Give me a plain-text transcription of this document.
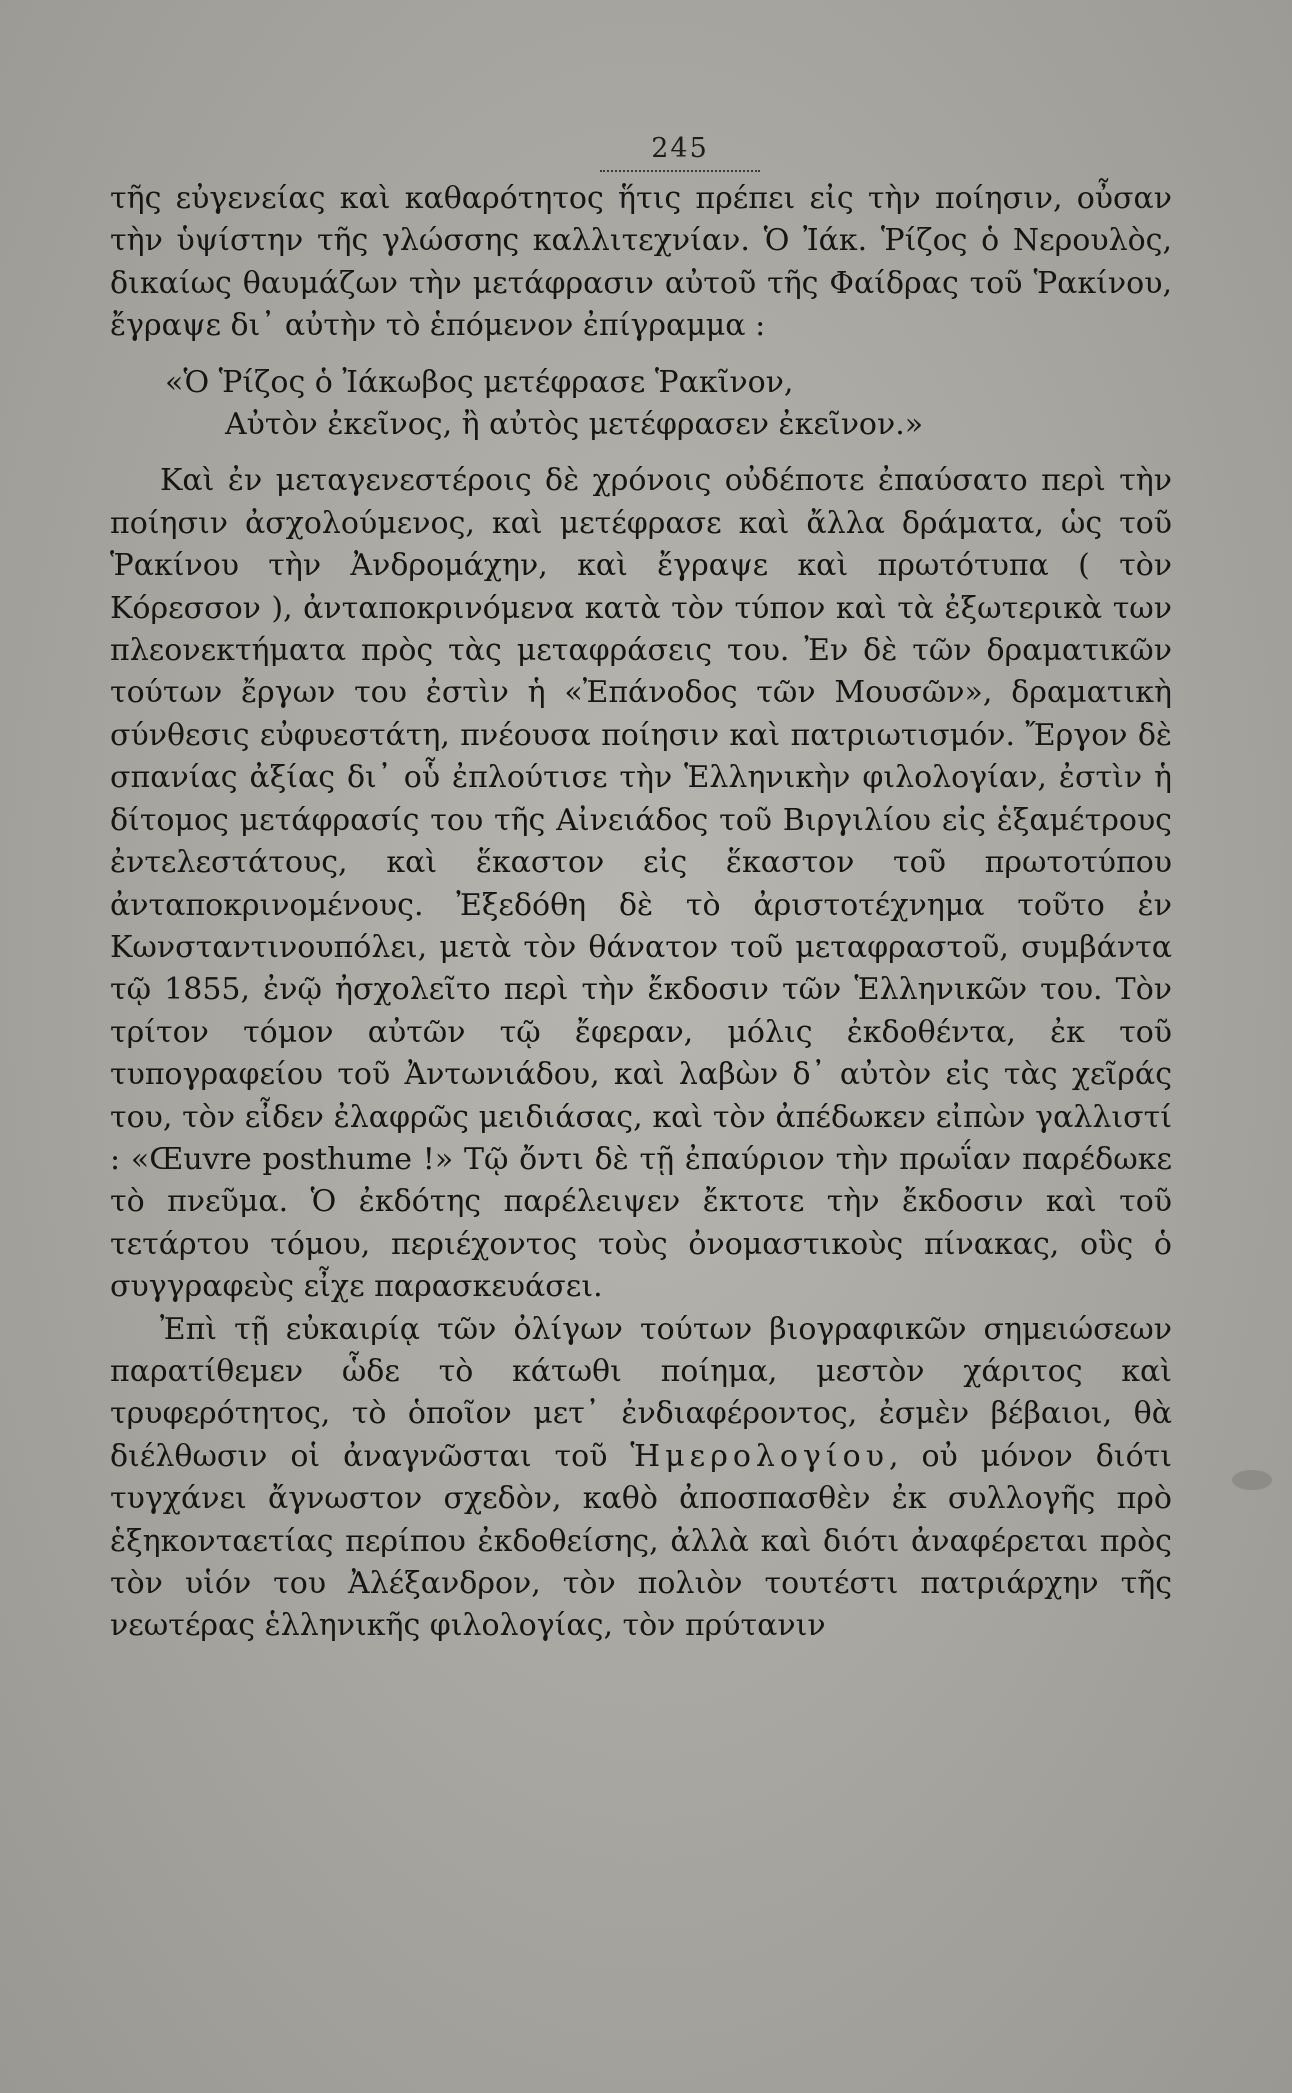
245

τῆς εὐγενείας καὶ καθαρότητος ἥτις πρέπει εἰς τὴν ποίησιν, οὖσαν τὴν ὑψίστην τῆς γλώσσης καλλιτεχνίαν. Ὁ Ἰάκ. Ῥίζος ὁ Νερουλὸς, δικαίως θαυμάζων τὴν μετάφρασιν αὐτοῦ τῆς Φαίδρας τοῦ Ῥακίνου, ἔγραψε δι᾽ αὐτὴν τὸ ἑπόμενον ἐπίγραμμα :

«Ὁ Ῥίζος ὁ Ἰάκωβος μετέφρασε Ῥακῖνον,
Αὐτὸν ἐκεῖνος, ἢ αὐτὸς μετέφρασεν ἐκεῖνον.»

Καὶ ἐν μεταγενεστέροις δὲ χρόνοις οὐδέποτε ἐπαύσατο περὶ τὴν ποίησιν ἀσχολούμενος, καὶ μετέφρασε καὶ ἄλλα δράματα, ὡς τοῦ Ῥακίνου τὴν Ἀνδρομάχην, καὶ ἔγραψε καὶ πρωτότυπα ( τὸν Κόρεσσον ), ἀνταποκρινόμενα κατὰ τὸν τύπον καὶ τὰ ἐξωτερικὰ των πλεονεκτήματα πρὸς τὰς μεταφράσεις του. Ἐν δὲ τῶν δραματικῶν τούτων ἔργων του ἐστὶν ἡ «Ἐπάνοδος τῶν Μουσῶν», δραματικὴ σύνθεσις εὐφυεστάτη, πνέουσα ποίησιν καὶ πατριωτισμόν. Ἔργον δὲ σπανίας ἀξίας δι᾽ οὗ ἐπλούτισε τὴν Ἑλληνικὴν φιλολογίαν, ἐστὶν ἡ δίτομος μετάφρασίς του τῆς Αἰνειάδος τοῦ Βιργιλίου εἰς ἑξαμέτρους ἐντελεστάτους, καὶ ἕκαστον εἰς ἕκαστον τοῦ πρωτοτύπου ἀνταποκρινομένους. Ἐξεδόθη δὲ τὸ ἀριστοτέχνημα τοῦτο ἐν Κωνσταντινουπόλει, μετὰ τὸν θάνατον τοῦ μεταφραστοῦ, συμβάντα τῷ 1855, ἐνῷ ἠσχολεῖτο περὶ τὴν ἔκδοσιν τῶν Ἑλληνικῶν του. Τὸν τρίτον τόμον αὐτῶν τῷ ἔφεραν, μόλις ἐκδοθέντα, ἐκ τοῦ τυπογραφείου τοῦ Ἀντωνιάδου, καὶ λαβὼν δ᾽ αὐτὸν εἰς τὰς χεῖράς του, τὸν εἶδεν ἐλαφρῶς μειδιάσας, καὶ τὸν ἀπέδωκεν εἰπὼν γαλλιστί : «Œuvre posthume !» Τῷ ὄντι δὲ τῇ ἐπαύριον τὴν πρωΐαν παρέδωκε τὸ πνεῦμα. Ὁ ἐκδότης παρέλειψεν ἔκτοτε τὴν ἔκδοσιν καὶ τοῦ τετάρτου τόμου, περιέχοντος τοὺς ὀνομαστικοὺς πίνακας, οὓς ὁ συγγραφεὺς εἶχε παρασκευάσει.

Ἐπὶ τῇ εὐκαιρίᾳ τῶν ὀλίγων τούτων βιογραφικῶν σημειώσεων παρατίθεμεν ὧδε τὸ κάτωθι ποίημα, μεστὸν χάριτος καὶ τρυφερότητος, τὸ ὁποῖον μετ᾽ ἐνδιαφέροντος, ἐσμὲν βέβαιοι, θὰ διέλθωσιν οἱ ἀναγνῶσται τοῦ Ἡμερολογίου, οὐ μόνον διότι τυγχάνει ἄγνωστον σχεδὸν, καθὸ ἀποσπασθὲν ἐκ συλλογῆς πρὸ ἑξηκονταετίας περίπου ἐκδοθείσης, ἀλλὰ καὶ διότι ἀναφέρεται πρὸς τὸν υἱόν του Ἀλέξανδρον, τὸν πολιὸν τουτέστι πατριάρχην τῆς νεωτέρας ἑλληνικῆς φιλολογίας, τὸν πρύτανιν
